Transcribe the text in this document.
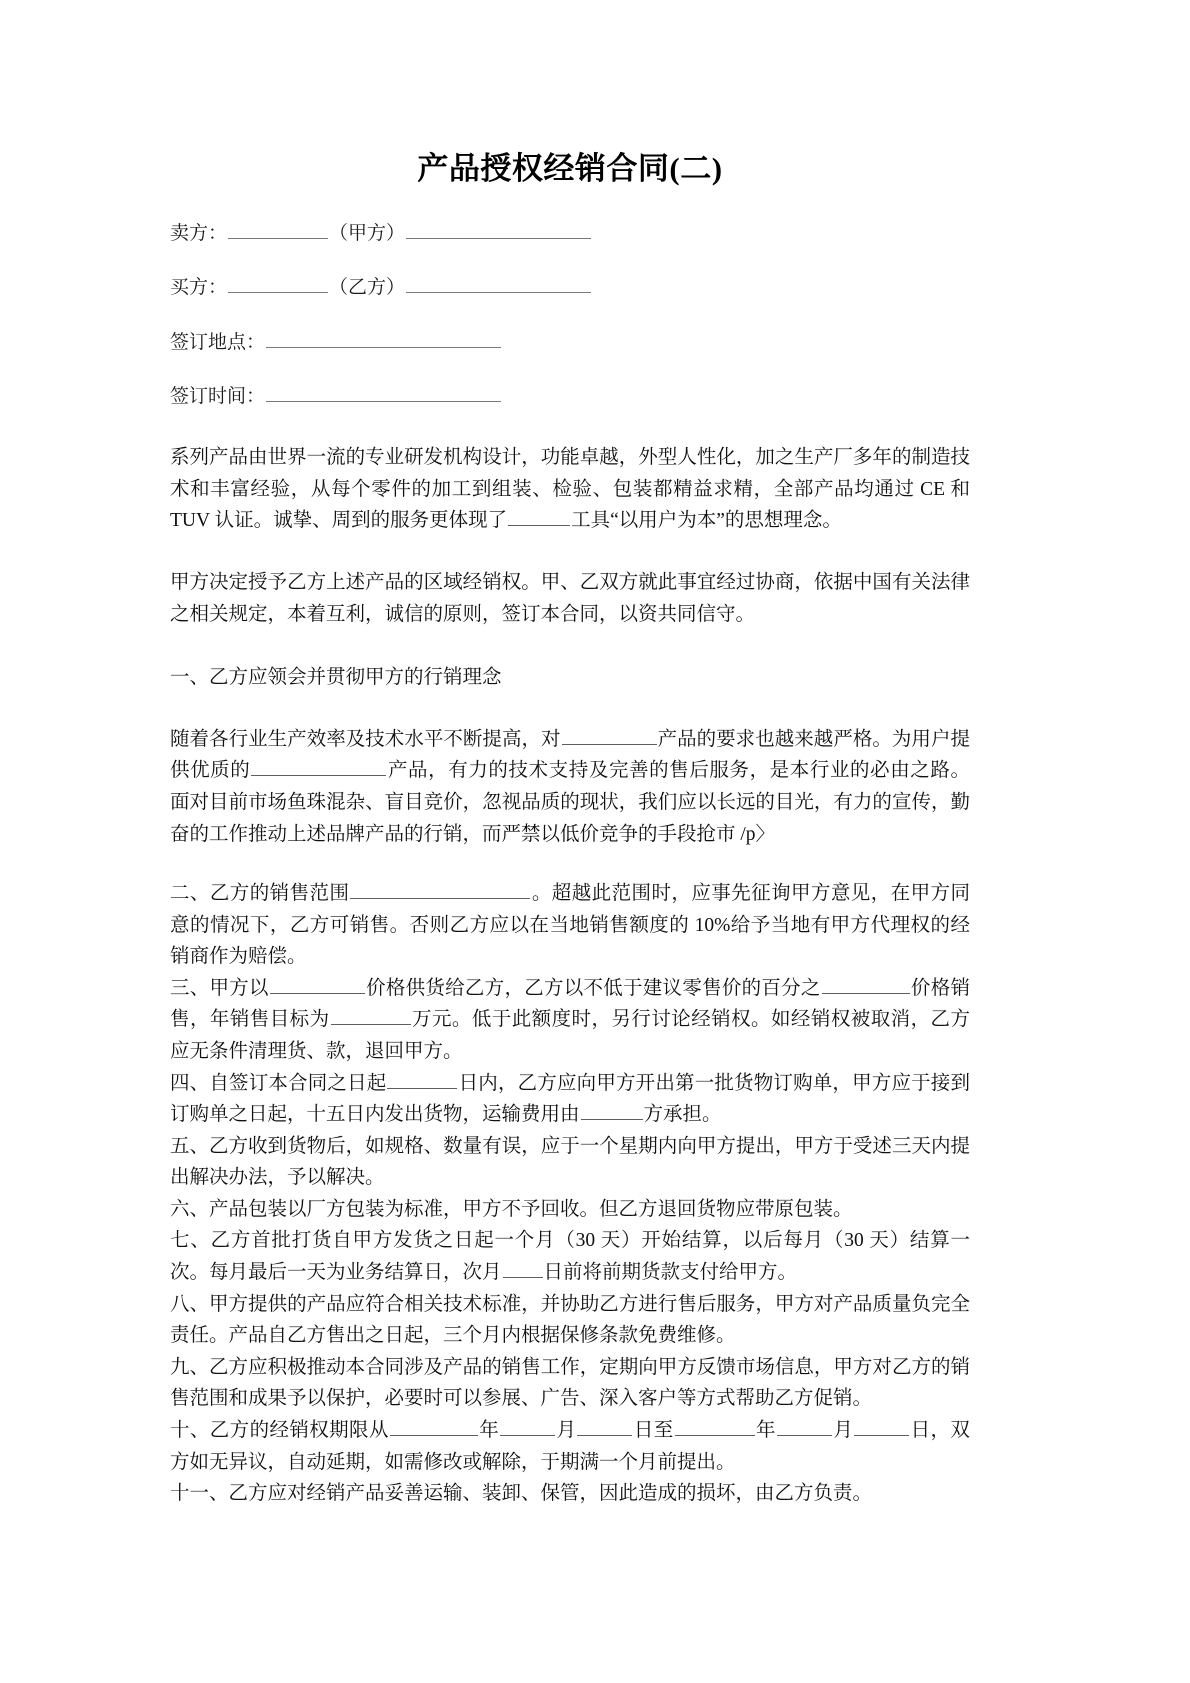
产品授权经销合同(二)

卖方：	（甲方）

买方：	（乙方）

签订地点：

签订时间：

系列产品由世界一流的专业研发机构设计，功能卓越，外型人性化，加之生产厂多年的制造技术和丰富经验，从每个零件的加工到组装、检验、包装都精益求精，全部产品均通过 CE 和 TUV 认证。诚挚、周到的服务更体现了	工具“以用户为本”的思想理念。

甲方决定授予乙方上述产品的区域经销权。甲、乙双方就此事宜经过协商，依据中国有关法律之相关规定，本着互利，诚信的原则，签订本合同，以资共同信守。

一、乙方应领会并贯彻甲方的行销理念

随着各行业生产效率及技术水平不断提高，对	产品的要求也越来越严格。为用户提供优质的	产品，有力的技术支持及完善的售后服务，是本行业的必由之路。面对目前市场鱼珠混杂、盲目竞价，忽视品质的现状，我们应以长远的目光，有力的宣传，勤奋的工作推动上述品牌产品的行销，而严禁以低价竞争的手段抢市 /p〉

二、乙方的销售范围	。超越此范围时，应事先征询甲方意见，在甲方同意的情况下，乙方可销售。否则乙方应以在当地销售额度的 10%给予当地有甲方代理权的经销商作为赔偿。

三、甲方以	价格供货给乙方，乙方以不低于建议零售价的百分之	价格销售，年销售目标为	万元。低于此额度时，另行讨论经销权。如经销权被取消，乙方应无条件清理货、款，退回甲方。

四、自签订本合同之日起	日内，乙方应向甲方开出第一批货物订购单，甲方应于接到订购单之日起，十五日内发出货物，运输费用由	方承担。

五、乙方收到货物后，如规格、数量有误，应于一个星期内向甲方提出，甲方于受述三天内提出解决办法，予以解决。

六、产品包装以厂方包装为标准，甲方不予回收。但乙方退回货物应带原包装。

七、乙方首批打货自甲方发货之日起一个月（30 天）开始结算，以后每月（30 天）结算一次。每月最后一天为业务结算日，次月 日前将前期货款支付给甲方。

八、甲方提供的产品应符合相关技术标准，并协助乙方进行售后服务，甲方对产品质量负完全责任。产品自乙方售出之日起，三个月内根据保修条款免费维修。

九、乙方应积极推动本合同涉及产品的销售工作，定期向甲方反馈市场信息，甲方对乙方的销售范围和成果予以保护，必要时可以参展、广告、深入客户等方式帮助乙方促销。

十、乙方的经销权期限从	年	月	日至	年	月	日，双方如无异议，自动延期，如需修改或解除，于期满一个月前提出。

十一、乙方应对经销产品妥善运输、装卸、保管，因此造成的损坏，由乙方负责。
